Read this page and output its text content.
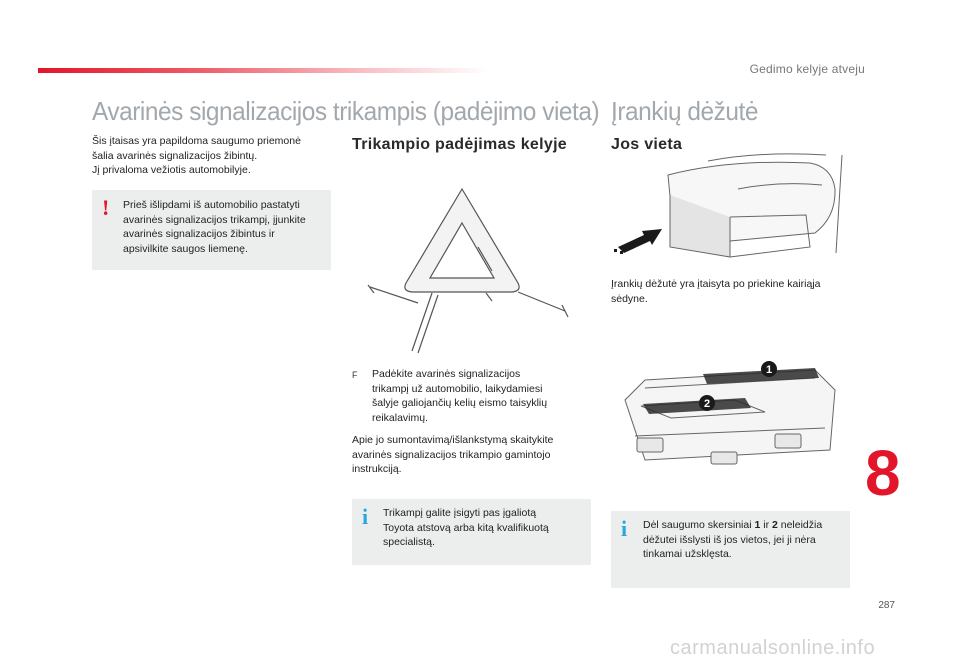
Gedimo kelyje atveju
Avarinės signalizacijos trikampis (padėjimo vieta) Įrankių dėžutė
Šis įtaisas yra papildoma saugumo priemonė
šalia avarinės signalizacijos žibintų.
Jį privaloma vežiotis automobilyje.
! Prieš išlipdami iš automobilio pastatyti
avarinės signalizacijos trikampį, įjunkite
avarinės signalizacijos žibintus ir
apsivilkite saugos liemenę.
Trikampio padėjimas kelyje
F Padėkite avarinės signalizacijos
trikampį už automobilio, laikydamiesi
šalyje galiojančių kelių eismo taisyklių
reikalavimų.
Apie jo sumontavimą/išlankstymą skaitykite
avarinės signalizacijos trikampio gamintojo
instrukciją.
i Trikampį galite įsigyti pas įgaliotą
Toyota atstovą arba kitą kvalifikuotą
specialistą.
Jos vieta
Įrankių dėžutė yra įtaisyta po priekine kairiąja
sėdyne.
1
2
i Dėl saugumo skersiniai 1 ir 2 neleidžia
dėžutei išslysti iš jos vietos, jei ji nėra
tinkamai užsklęsta.
8
287
carmanualsonline.info
